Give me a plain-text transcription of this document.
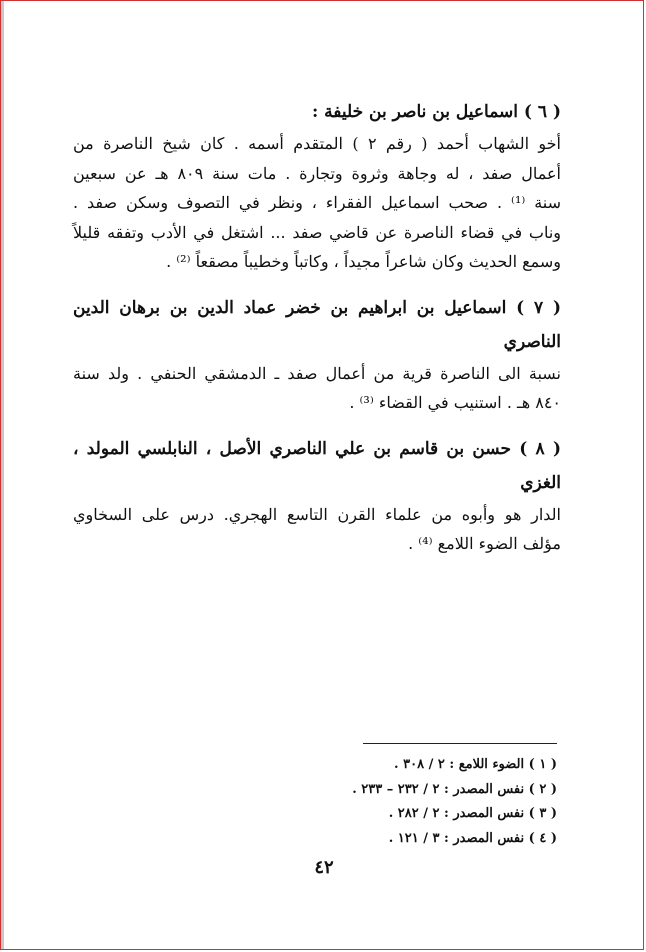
( ٦ ) اسماعيل بن ناصر بن خليفة :

أخو الشهاب أحمد ( رقم ٢ ) المتقدم أسمه . كان شيخ الناصرة من
أعمال صفد ، له وجاهة وثروة وتجارة . مات سنة ٨٠٩ هـ عن سبعين
سنة ⁽¹⁾ . صحب اسماعيل الفقراء ، ونظر في التصوف وسكن صفد .
وناب في قضاء الناصرة عن قاضي صفد ... اشتغل في الأدب وتفقه قليلاً
وسمع الحديث وكان شاعراً مجيداً ، وكاتباً وخطيباً مصقعاً ⁽²⁾ .

( ٧ ) اسماعيل بن ابراهيم بن خضر عماد الدين بن برهان الدين الناصري

نسبة الى الناصرة قرية من أعمال صفد ـ الدمشقي الحنفي . ولد سنة
٨٤٠ هـ . استنيب في القضاء ⁽³⁾ .

( ٨ ) حسن بن قاسم بن علي الناصري الأصل ، النابلسي المولد ، الغزي

الدار هو وأبوه من علماء القرن التاسع الهجري. درس على السخاوي
مؤلف الضوء اللامع ⁽⁴⁾ .

( ١ ) الضوء اللامع : ٢ / ٣٠٨ .
( ٢ ) نفس المصدر : ٢ / ٢٣٢ – ٢٣٣ .
( ٣ ) نفس المصدر : ٢ / ٢٨٢ .
( ٤ ) نفس المصدر : ٣ / ١٢١ .
٤٢
